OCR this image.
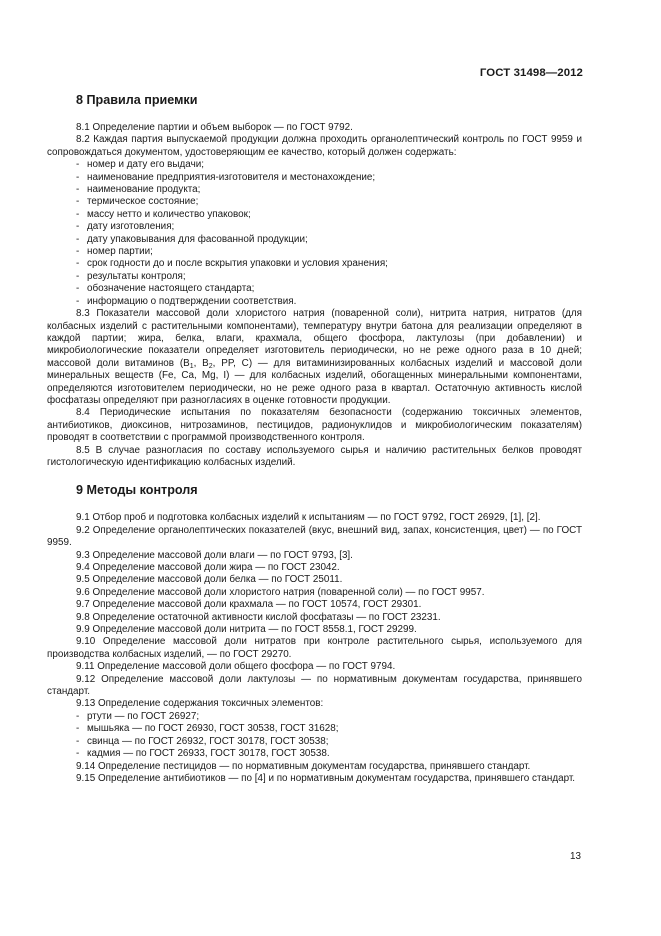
ГОСТ 31498—2012
8 Правила приемки

8.1 Определение партии и объем выборок — по ГОСТ 9792.

8.2 Каждая партия выпускаемой продукции должна проходить органолептический контроль по ГОСТ 9959 и сопровождаться документом, удостоверяющим ее качество, который должен содержать:

- номер и дату его выдачи;
- наименование предприятия-изготовителя и местонахождение;
- наименование продукта;
- термическое состояние;
- массу нетто и количество упаковок;
- дату изготовления;
- дату упаковывания для фасованной продукции;
- номер партии;
- срок годности до и после вскрытия упаковки и условия хранения;
- результаты контроля;
- обозначение настоящего стандарта;
- информацию о подтверждении соответствия.

8.3 Показатели массовой доли хлористого натрия (поваренной соли), нитрита натрия, нитратов (для колбасных изделий с растительными компонентами), температуру внутри батона для реализации определяют в каждой партии; жира, белка, влаги, крахмала, общего фосфора, лактулозы (при добавлении) и микробиологические показатели определяет изготовитель периодически, но не реже одного раза в 10 дней; массовой доли витаминов ($B_1$, $B_2$, PP, C) — для витаминизированных колбасных изделий и массовой доли минеральных веществ (Fe, Ca, Mg, I) — для колбасных изделий, обогащенных минеральными компонентами, определяются изготовителем периодически, но не реже одного раза в квартал. Остаточную активность кислой фосфатазы определяют при разногласиях в оценке готовности продукции.

8.4 Периодические испытания по показателям безопасности (содержанию токсичных элементов, антибиотиков, диоксинов, нитрозаминов, пестицидов, радионуклидов и микробиологическим показателям) проводят в соответствии с программой производственного контроля.

8.5 В случае разногласия по составу используемого сырья и наличию растительных белков проводят гистологическую идентификацию колбасных изделий.

9 Методы контроля

9.1 Отбор проб и подготовка колбасных изделий к испытаниям — по ГОСТ 9792, ГОСТ 26929, [1], [2].

9.2 Определение органолептических показателей (вкус, внешний вид, запах, консистенция, цвет) — по ГОСТ 9959.

9.3 Определение массовой доли влаги — по ГОСТ 9793, [3].

9.4 Определение массовой доли жира — по ГОСТ 23042.

9.5 Определение массовой доли белка — по ГОСТ 25011.

9.6 Определение массовой доли хлористого натрия (поваренной соли) — по ГОСТ 9957.

9.7 Определение массовой доли крахмала — по ГОСТ 10574, ГОСТ 29301.

9.8 Определение остаточной активности кислой фосфатазы — по ГОСТ 23231.

9.9 Определение массовой доли нитрита — по ГОСТ 8558.1, ГОСТ 29299.

9.10 Определение массовой доли нитратов при контроле растительного сырья, используемого для производства колбасных изделий, — по ГОСТ 29270.

9.11 Определение массовой доли общего фосфора — по ГОСТ 9794.

9.12 Определение массовой доли лактулозы — по нормативным документам государства, принявшего стандарт.

9.13 Определение содержания токсичных элементов:

- ртути — по ГОСТ 26927;
- мышьяка — по ГОСТ 26930, ГОСТ 30538, ГОСТ 31628;
- свинца — по ГОСТ 26932, ГОСТ 30178, ГОСТ 30538;
- кадмия — по ГОСТ 26933, ГОСТ 30178, ГОСТ 30538.

9.14 Определение пестицидов — по нормативным документам государства, принявшего стандарт.

9.15 Определение антибиотиков — по [4] и по нормативным документам государства, принявшего стандарт.

13
